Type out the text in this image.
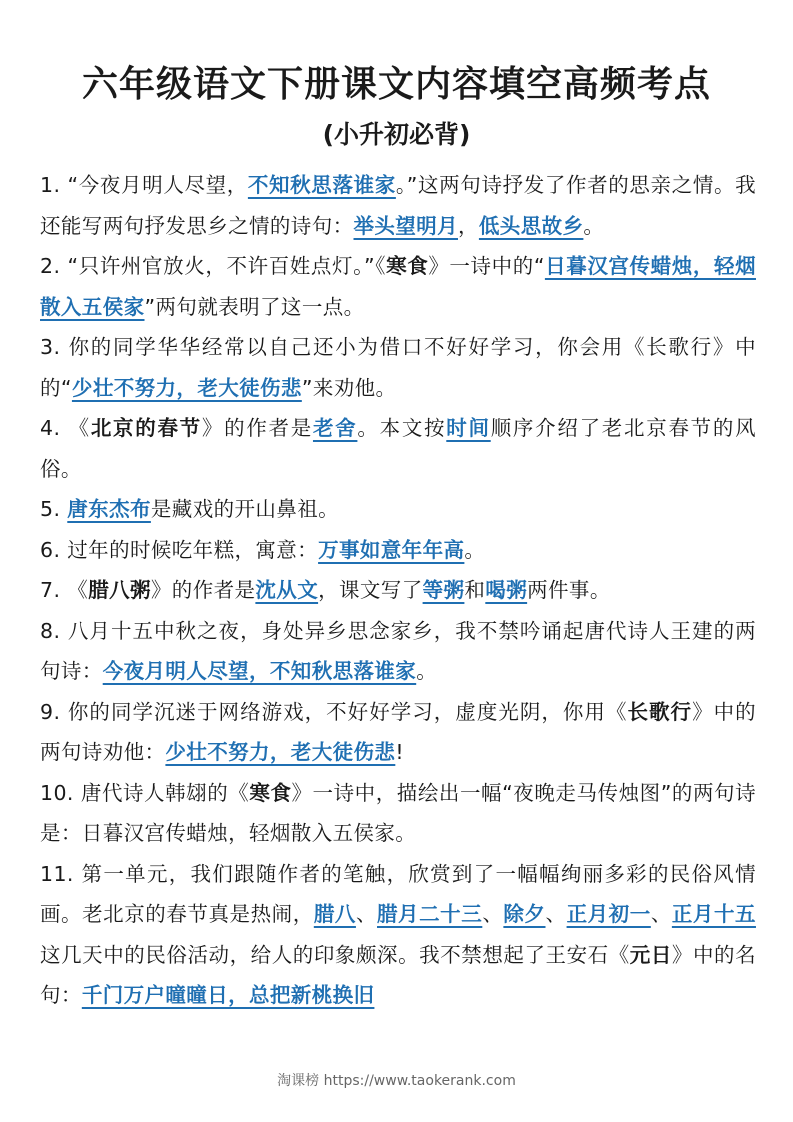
六年级语文下册课文内容填空高频考点
(小升初必背)

1. “今夜月明人尽望，不知秋思落谁家。”这两句诗抒发了作者的思亲之情。我还能写两句抒发思乡之情的诗句：举头望明月，低头思故乡。

2. “只许州官放火，不许百姓点灯。”《寒食》一诗中的“日暮汉宫传蜡烛，轻烟散入五侯家”两句就表明了这一点。

3. 你的同学华华经常以自己还小为借口不好好学习，你会用《长歌行》中的“少壮不努力，老大徒伤悲”来劝他。

4. 《北京的春节》的作者是老舍。本文按时间顺序介绍了老北京春节的风俗。

5. 唐东杰布是藏戏的开山鼻祖。

6. 过年的时候吃年糕，寓意：万事如意年年高。

7. 《腊八粥》的作者是沈从文，课文写了等粥和喝粥两件事。

8. 八月十五中秋之夜，身处异乡思念家乡，我不禁吟诵起唐代诗人王建的两句诗：今夜月明人尽望，不知秋思落谁家。

9. 你的同学沉迷于网络游戏，不好好学习，虚度光阴，你用《长歌行》中的两句诗劝他：少壮不努力，老大徒伤悲!

10. 唐代诗人韩翃的《寒食》一诗中，描绘出一幅“夜晚走马传烛图”的两句诗是：日暮汉宫传蜡烛，轻烟散入五侯家。

11. 第一单元，我们跟随作者的笔触，欣赏到了一幅幅绚丽多彩的民俗风情画。老北京的春节真是热闹，腊八、腊月二十三、除夕、正月初一、正月十五这几天中的民俗活动，给人的印象颇深。我不禁想起了王安石《元日》中的名句：千门万户曈曈日，总把新桃换旧

淘课榜 https://www.taokerank.com
